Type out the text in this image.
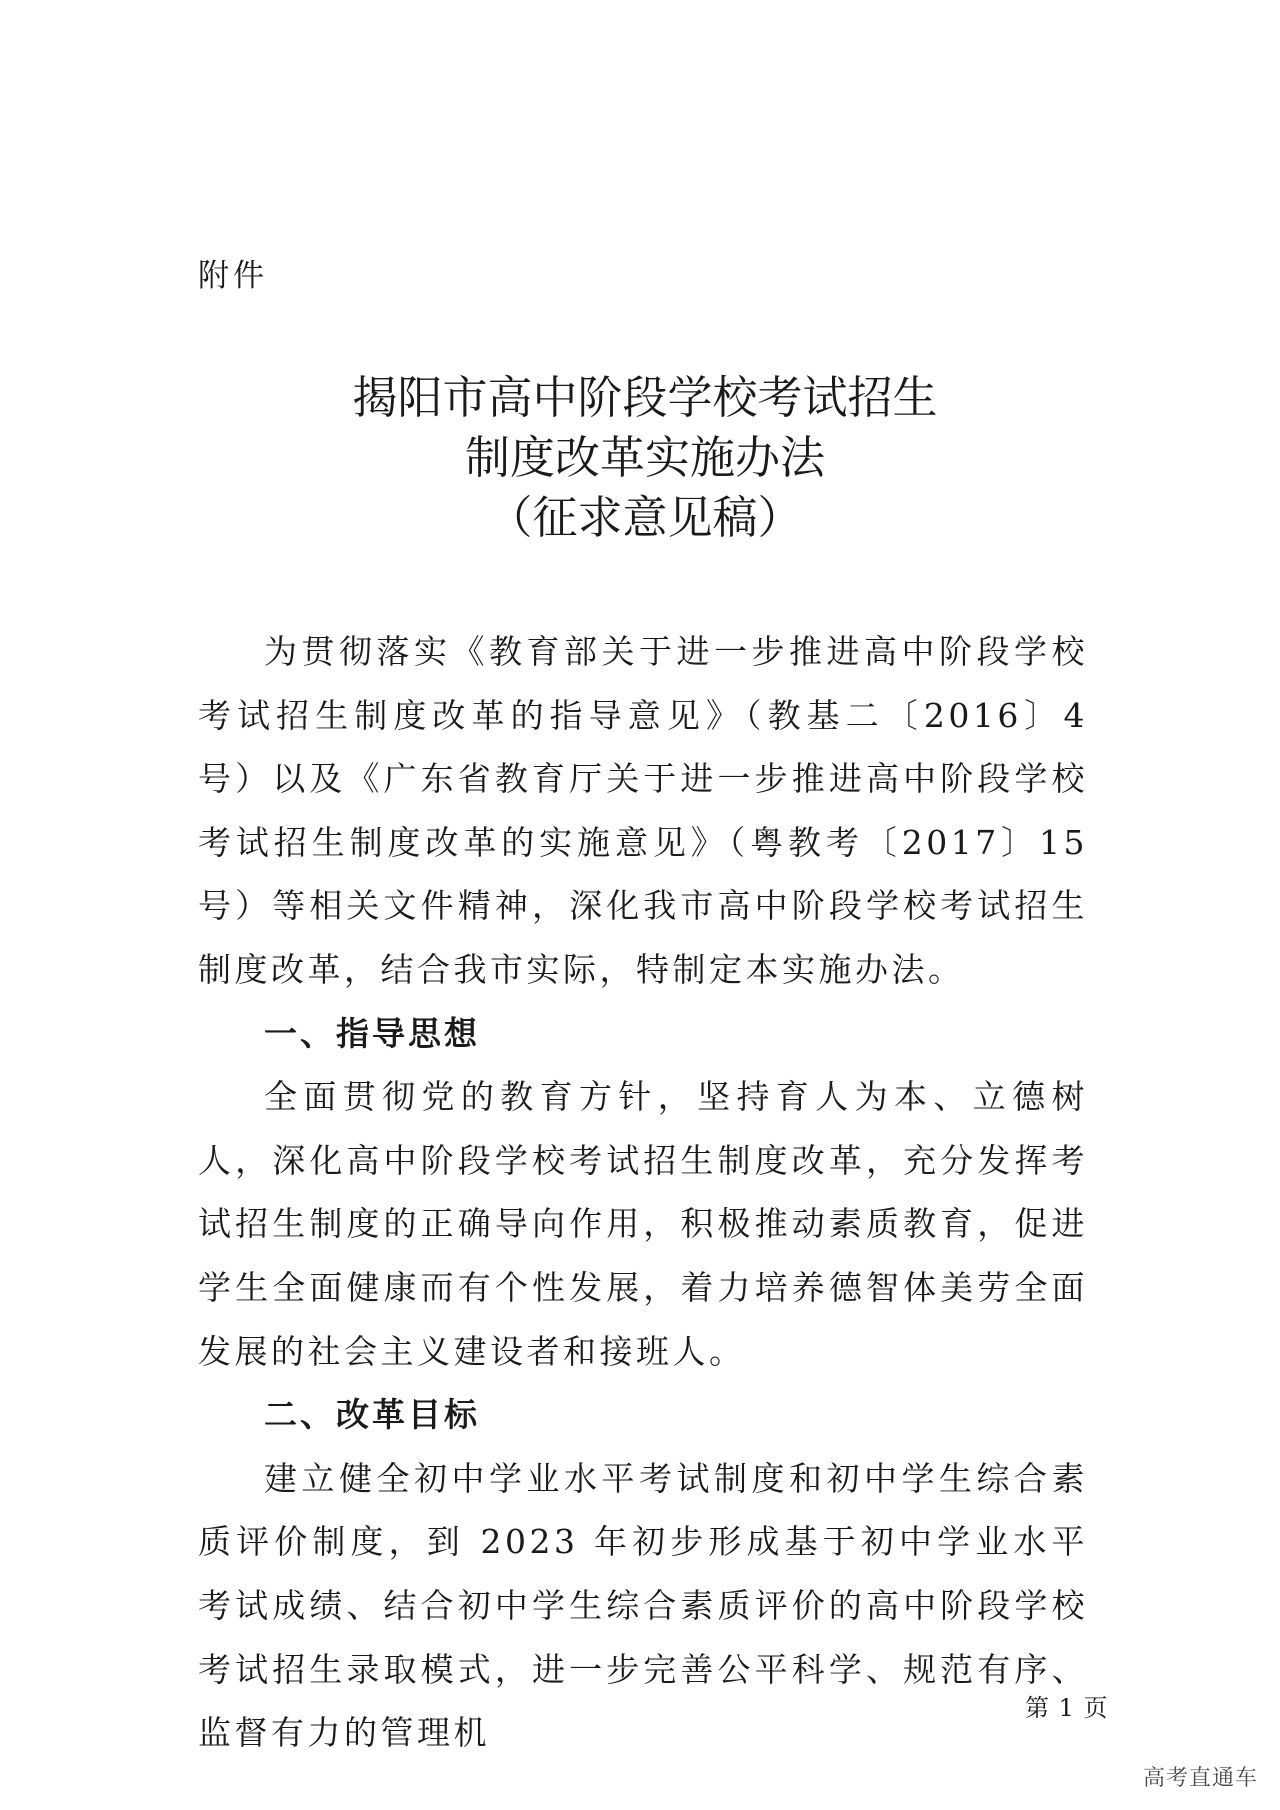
附件

揭阳市高中阶段学校考试招生
制度改革实施办法
（征求意见稿）

为贯彻落实《教育部关于进一步推进高中阶段学校考试招生制度改革的指导意见》（教基二〔2016〕4 号）以及《广东省教育厅关于进一步推进高中阶段学校考试招生制度改革的实施意见》（粤教考〔2017〕15 号）等相关文件精神，深化我市高中阶段学校考试招生制度改革，结合我市实际，特制定本实施办法。

一、指导思想

全面贯彻党的教育方针，坚持育人为本、立德树人，深化高中阶段学校考试招生制度改革，充分发挥考试招生制度的正确导向作用，积极推动素质教育，促进学生全面健康而有个性发展，着力培养德智体美劳全面发展的社会主义建设者和接班人。

二、改革目标

建立健全初中学业水平考试制度和初中学生综合素质评价制度，到 2023 年初步形成基于初中学业水平考试成绩、结合初中学生综合素质评价的高中阶段学校考试招生录取模式，进一步完善公平科学、规范有序、监督有力的管理机

第 1 页
高考直通车
